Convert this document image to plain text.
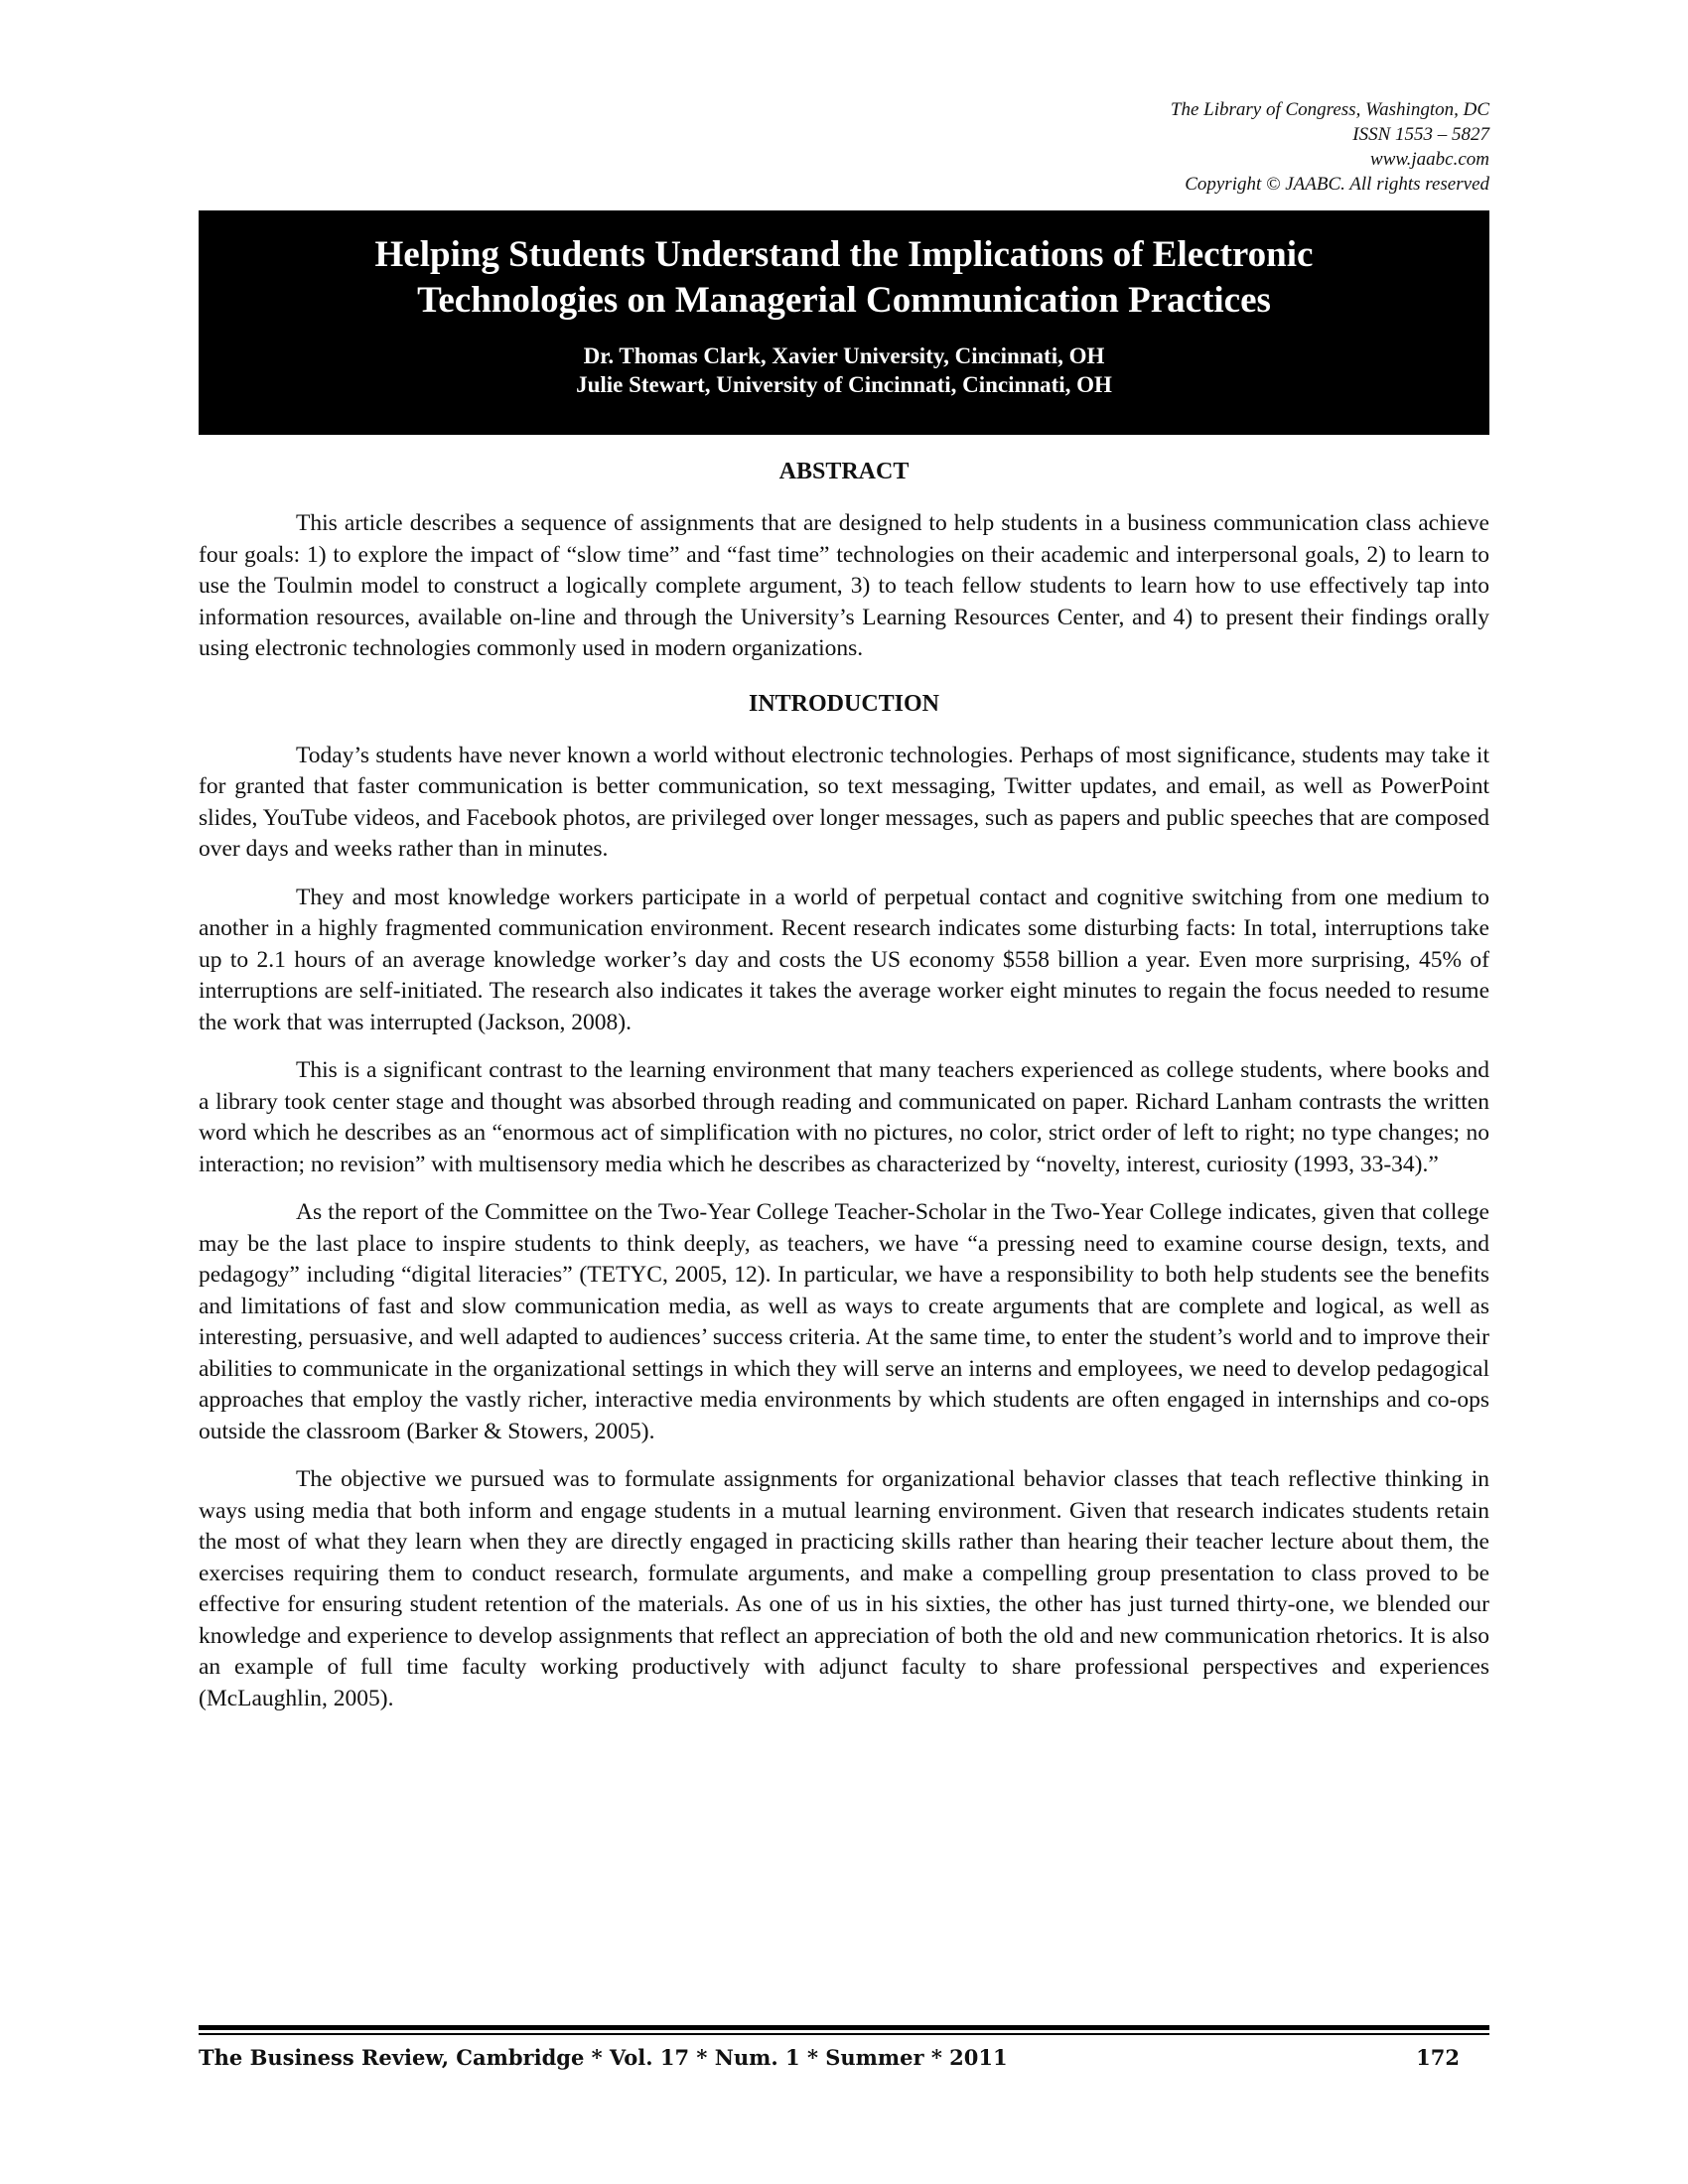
The Library of Congress, Washington, DC
ISSN 1553 – 5827
www.jaabc.com
Copyright © JAABC. All rights reserved
Helping Students Understand the Implications of Electronic
Technologies on Managerial Communication Practices
Dr. Thomas Clark, Xavier University, Cincinnati, OH
Julie Stewart, University of Cincinnati, Cincinnati, OH
ABSTRACT

This article describes a sequence of assignments that are designed to help students in a business communication class achieve four goals: 1) to explore the impact of “slow time” and “fast time” technologies on their academic and interpersonal goals, 2) to learn to use the Toulmin model to construct a logically complete argument, 3) to teach fellow students to learn how to use effectively tap into information resources, available on-line and through the University’s Learning Resources Center, and 4) to present their findings orally using electronic technologies commonly used in modern organizations.

INTRODUCTION

Today’s students have never known a world without electronic technologies. Perhaps of most significance, students may take it for granted that faster communication is better communication, so text messaging, Twitter updates, and email, as well as PowerPoint slides, YouTube videos, and Facebook photos, are privileged over longer messages, such as papers and public speeches that are composed over days and weeks rather than in minutes.

They and most knowledge workers participate in a world of perpetual contact and cognitive switching from one medium to another in a highly fragmented communication environment. Recent research indicates some disturbing facts: In total, interruptions take up to 2.1 hours of an average knowledge worker’s day and costs the US economy $558 billion a year. Even more surprising, 45% of interruptions are self-initiated. The research also indicates it takes the average worker eight minutes to regain the focus needed to resume the work that was interrupted (Jackson, 2008).

This is a significant contrast to the learning environment that many teachers experienced as college students, where books and a library took center stage and thought was absorbed through reading and communicated on paper. Richard Lanham contrasts the written word which he describes as an “enormous act of simplification with no pictures, no color, strict order of left to right; no type changes; no interaction; no revision” with multisensory media which he describes as characterized by “novelty, interest, curiosity (1993, 33-34).”

As the report of the Committee on the Two-Year College Teacher-Scholar in the Two-Year College indicates, given that college may be the last place to inspire students to think deeply, as teachers, we have “a pressing need to examine course design, texts, and pedagogy” including “digital literacies” (TETYC, 2005, 12). In particular, we have a responsibility to both help students see the benefits and limitations of fast and slow communication media, as well as ways to create arguments that are complete and logical, as well as interesting, persuasive, and well adapted to audiences’ success criteria. At the same time, to enter the student’s world and to improve their abilities to communicate in the organizational settings in which they will serve an interns and employees, we need to develop pedagogical approaches that employ the vastly richer, interactive media environments by which students are often engaged in internships and co-ops outside the classroom (Barker & Stowers, 2005).

The objective we pursued was to formulate assignments for organizational behavior classes that teach reflective thinking in ways using media that both inform and engage students in a mutual learning environment. Given that research indicates students retain the most of what they learn when they are directly engaged in practicing skills rather than hearing their teacher lecture about them, the exercises requiring them to conduct research, formulate arguments, and make a compelling group presentation to class proved to be effective for ensuring student retention of the materials. As one of us in his sixties, the other has just turned thirty-one, we blended our knowledge and experience to develop assignments that reflect an appreciation of both the old and new communication rhetorics. It is also an example of full time faculty working productively with adjunct faculty to share professional perspectives and experiences (McLaughlin, 2005).

The Business Review, Cambridge * Vol. 17 * Num. 1 * Summer * 2011	172
